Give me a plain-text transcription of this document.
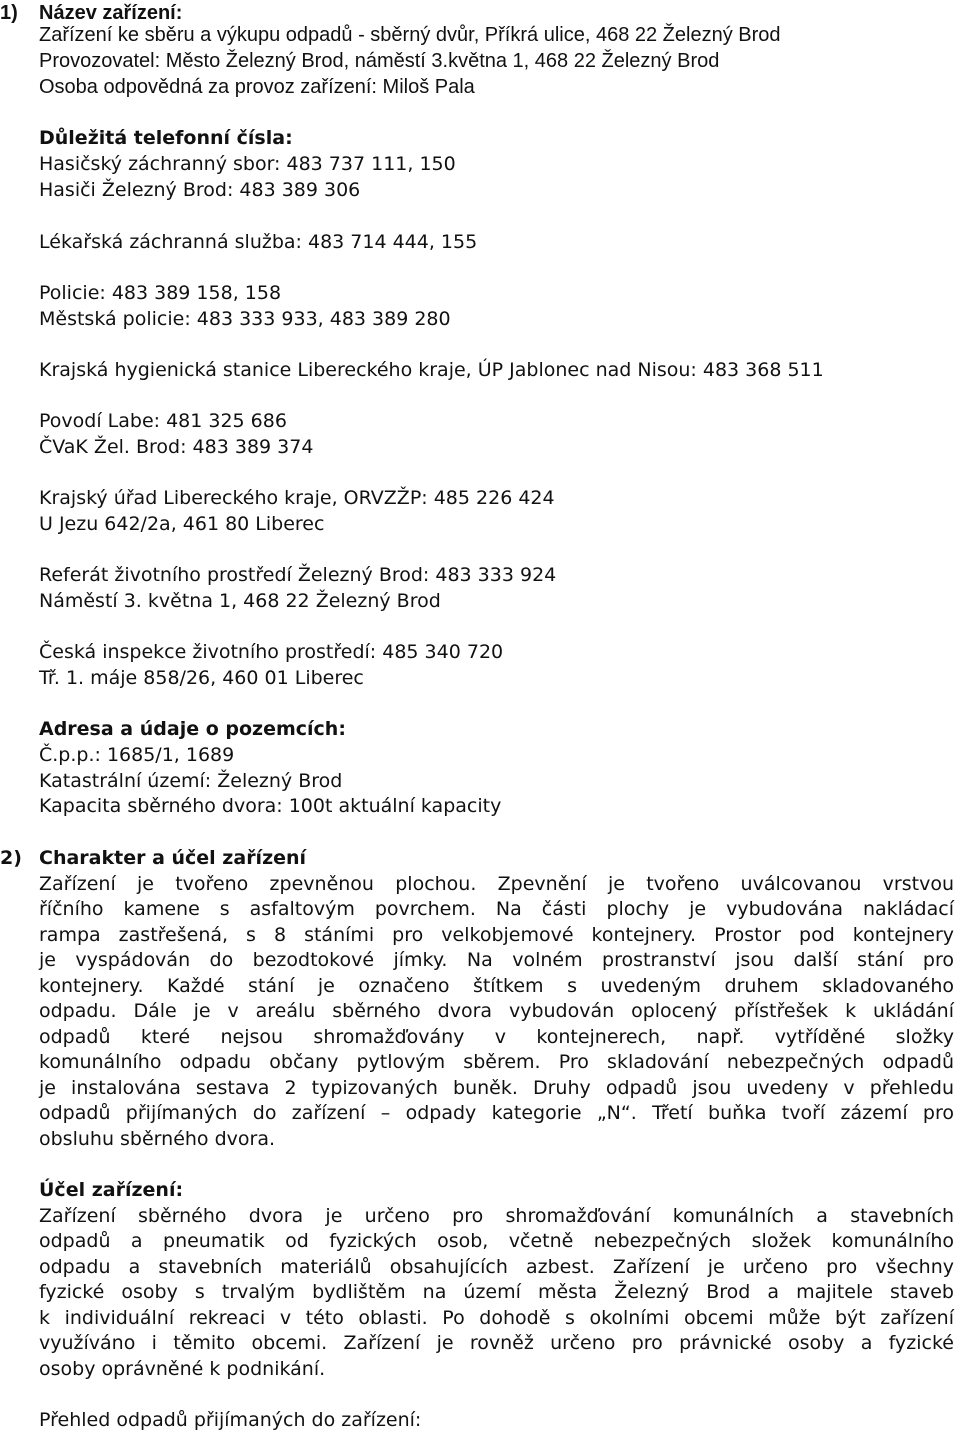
1) Název zařízení:
Zařízení ke sběru a výkupu odpadů - sběrný dvůr, Příkrá ulice, 468 22 Železný Brod
Provozovatel: Město Železný Brod, náměstí 3.května 1, 468 22 Železný Brod
Osoba odpovědná za provoz zařízení: Miloš Pala
Důležitá telefonní čísla:
Hasičský záchranný sbor: 483 737 111, 150
Hasiči Železný Brod: 483 389 306
Lékařská záchranná služba: 483 714 444, 155
Policie: 483 389 158, 158
Městská policie: 483 333 933, 483 389 280
Krajská hygienická stanice Libereckého kraje, ÚP Jablonec nad Nisou: 483 368 511
Povodí Labe: 481 325 686
ČVaK Žel. Brod: 483 389 374
Krajský úřad Libereckého kraje, ORVZŽP: 485 226 424
U Jezu 642/2a, 461 80 Liberec
Referát životního prostředí Železný Brod: 483 333 924
Náměstí 3. května 1, 468 22 Železný Brod
Česká inspekce životního prostředí: 485 340 720
Tř. 1. máje 858/26, 460 01 Liberec
Adresa a údaje o pozemcích:
Č.p.p.: 1685/1, 1689
Katastrální území: Železný Brod
Kapacita sběrného dvora: 100t aktuální kapacity
2) Charakter a účel zařízení
Zařízení je tvořeno zpevněnou plochou. Zpevnění je tvořeno uválcovanou vrstvou
říčního kamene s asfaltovým povrchem. Na části plochy je vybudována nakládací
rampa zastřešená, s 8 stáními pro velkobjemové kontejnery. Prostor pod kontejnery
je vyspádován do bezodtokové jímky. Na volném prostranství jsou další stání pro
kontejnery. Každé stání je označeno štítkem s uvedeným druhem skladovaného
odpadu. Dále je v areálu sběrného dvora vybudován oplocený přístřešek k ukládání
odpadů které nejsou shromažďovány v kontejnerech, např. vytříděné složky
komunálního odpadu občany pytlovým sběrem. Pro skladování nebezpečných odpadů
je instalována sestava 2 typizovaných buněk. Druhy odpadů jsou uvedeny v přehledu
odpadů přijímaných do zařízení – odpady kategorie „N“. Třetí buňka tvoří zázemí pro
obsluhu sběrného dvora.
Účel zařízení:
Zařízení sběrného dvora je určeno pro shromažďování komunálních a stavebních
odpadů a pneumatik od fyzických osob, včetně nebezpečných složek komunálního
odpadu a stavebních materiálů obsahujících azbest. Zařízení je určeno pro všechny
fyzické osoby s trvalým bydlištěm na území města Železný Brod a majitele staveb
k individuální rekreaci v této oblasti. Po dohodě s okolními obcemi může být zařízení
využíváno i těmito obcemi. Zařízení je rovněž určeno pro právnické osoby a fyzické
osoby oprávněné k podnikání.
Přehled odpadů přijímaných do zařízení:
